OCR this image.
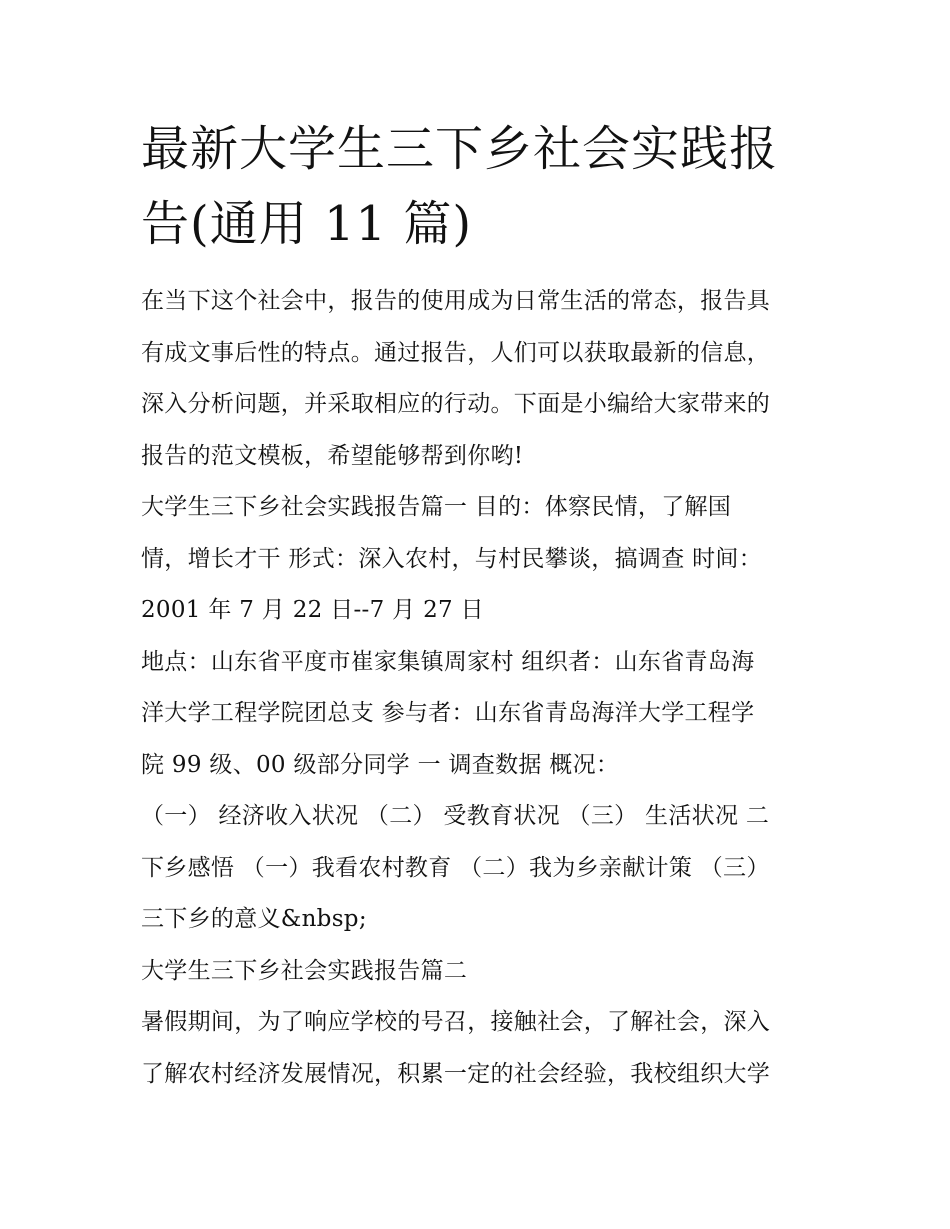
最新大学生三下乡社会实践报
告(通用 11 篇)
在当下这个社会中，报告的使用成为日常生活的常态，报告具
有成文事后性的特点。通过报告，人们可以获取最新的信息，
深入分析问题，并采取相应的行动。下面是小编给大家带来的
报告的范文模板，希望能够帮到你哟!
大学生三下乡社会实践报告篇一 目的：体察民情，了解国
情，增长才干 形式：深入农村，与村民攀谈，搞调查 时间：
2001 年 7 月 22 日--7 月 27 日
地点：山东省平度市崔家集镇周家村 组织者：山东省青岛海
洋大学工程学院团总支 参与者：山东省青岛海洋大学工程学
院 99 级、00 级部分同学 一 调查数据 概况：
（一） 经济收入状况 （二） 受教育状况 （三） 生活状况 二
下乡感悟 （一）我看农村教育 （二）我为乡亲献计策 （三）
三下乡的意义&nbsp;
大学生三下乡社会实践报告篇二
暑假期间，为了响应学校的号召，接触社会，了解社会，深入
了解农村经济发展情况，积累一定的社会经验，我校组织大学
